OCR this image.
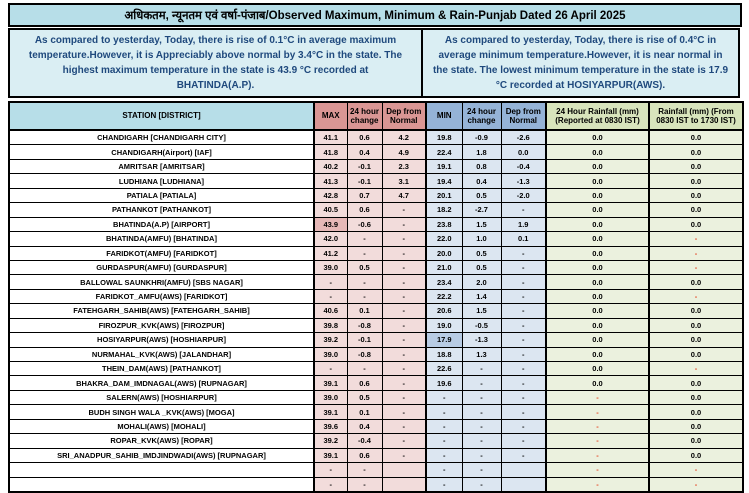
अधिकतम, न्यूनतम एवं वर्षा-पंजाब/Observed Maximum, Minimum & Rain-Punjab Dated 26 April 2025
As compared to yesterday, Today, there is rise of 0.1°C in average maximum temperature.However, it is Appreciably above normal by 3.4°C in the state. The highest maximum temperature in the state is 43.9 °C recorded at BHATINDA(A.P).
As compared to yesterday, Today, there is rise of 0.4°C in average minimum temperature.However, it is near normal in the state. The lowest minimum temperature in the state is 17.9 °C recorded at HOSIYARPUR(AWS).
STATION [DISTRICT]	MAX	24 hour change	Dep from Normal	MIN	24 hour change	Dep from Normal	24 Hour Rainfall (mm) (Reported at 0830 IST)	Rainfall (mm) (From 0830 IST to 1730 IST)
CHANDIGARH [CHANDIGARH CITY]	41.1	0.6	4.2	19.8	-0.9	-2.6	0.0	0.0
CHANDIGARH(Airport) [IAF]	41.8	0.4	4.9	22.4	1.8	0.0	0.0	0.0
AMRITSAR [AMRITSAR]	40.2	-0.1	2.3	19.1	0.8	-0.4	0.0	0.0
LUDHIANA [LUDHIANA]	41.3	-0.1	3.1	19.4	0.4	-1.3	0.0	0.0
PATIALA [PATIALA]	42.8	0.7	4.7	20.1	0.5	-2.0	0.0	0.0
PATHANKOT [PATHANKOT]	40.5	0.6	-	18.2	-2.7	-	0.0	0.0
BHATINDA(A.P) [AIRPORT]	43.9	-0.6	-	23.8	1.5	1.9	0.0	0.0
BHATINDA(AMFU) [BHATINDA]	42.0	-	-	22.0	1.0	0.1	0.0	-
FARIDKOT(AMFU) [FARIDKOT]	41.2	-	-	20.0	0.5	-	0.0	-
GURDASPUR(AMFU) [GURDASPUR]	39.0	0.5	-	21.0	0.5	-	0.0	-
BALLOWAL SAUNKHRI(AMFU) [SBS NAGAR]	-	-	-	23.4	2.0	-	0.0	0.0
FARIDKOT_AMFU(AWS) [FARIDKOT]	-	-	-	22.2	1.4	-	0.0	-
FATEHGARH_SAHIB(AWS) [FATEHGARH_SAHIB]	40.6	0.1	-	20.6	1.5	-	0.0	0.0
FIROZPUR_KVK(AWS) [FIROZPUR]	39.8	-0.8	-	19.0	-0.5	-	0.0	0.0
HOSIYARPUR(AWS) [HOSHIARPUR]	39.2	-0.1	-	17.9	-1.3	-	0.0	0.0
NURMAHAL_KVK(AWS) [JALANDHAR]	39.0	-0.8	-	18.8	1.3	-	0.0	0.0
THEIN_DAM(AWS) [PATHANKOT]	-	-	-	22.6	-	-	0.0	-
BHAKRA_DAM_IMDNAGAL(AWS) [RUPNAGAR]	39.1	0.6	-	19.6	-	-	0.0	0.0
SALERN(AWS) [HOSHIARPUR]	39.0	0.5	-	-	-	-	-	0.0
BUDH SINGH WALA _KVK(AWS) [MOGA]	39.1	0.1	-	-	-	-	-	0.0
MOHALI(AWS) [MOHALI]	39.6	0.4	-	-	-	-	-	0.0
ROPAR_KVK(AWS) [ROPAR]	39.2	-0.4	-	-	-	-	-	0.0
SRI_ANADPUR_SAHIB_IMDJINDWADI(AWS) [RUPNAGAR]	39.1	0.6	-	-	-	-	-	0.0
	-	-		-	-		-	-
	-	-		-	-		-	-
